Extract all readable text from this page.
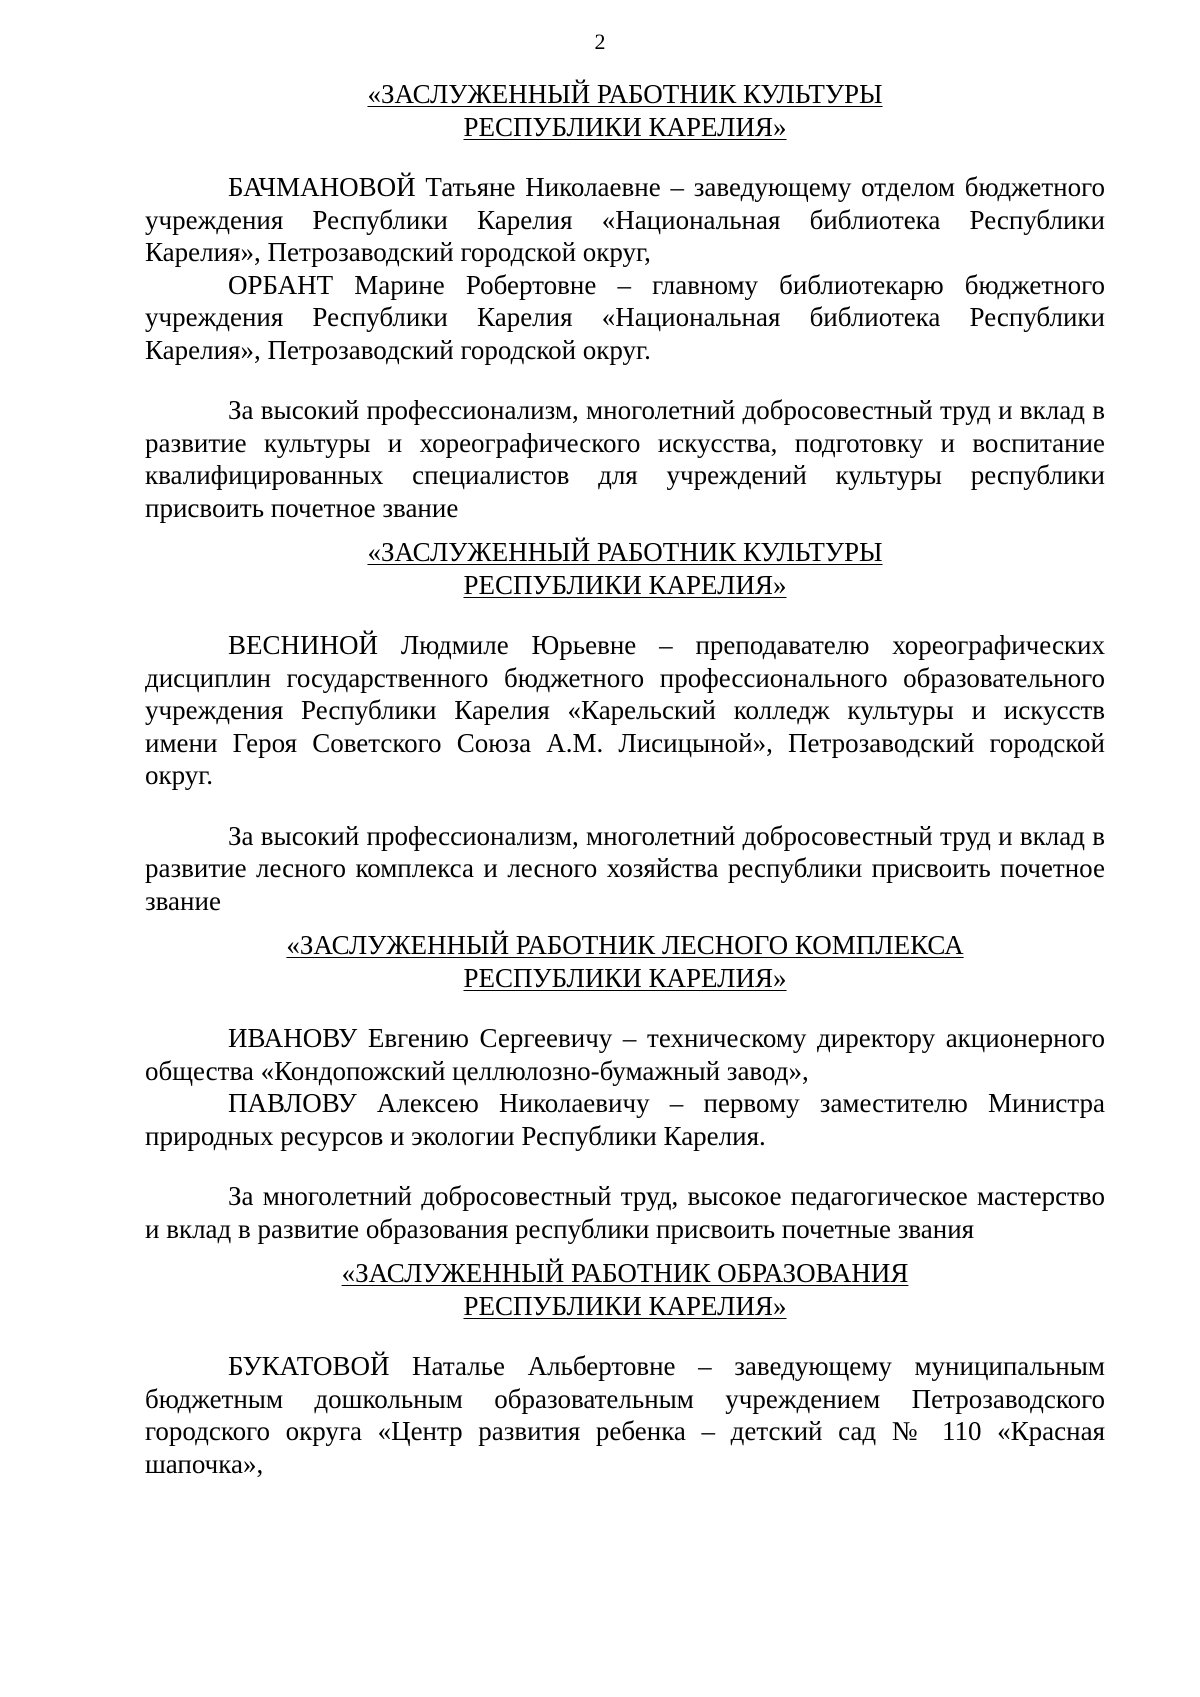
2
«ЗАСЛУЖЕННЫЙ РАБОТНИК КУЛЬТУРЫ
РЕСПУБЛИКИ КАРЕЛИЯ»

БАЧМАНОВОЙ Татьяне Николаевне – заведующему отделом бюджетного учреждения Республики Карелия «Национальная библиотека Республики Карелия», Петрозаводский городской округ,

ОРБАНТ Марине Робертовне – главному библиотекарю бюджетного учреждения Республики Карелия «Национальная библиотека Республики Карелия», Петрозаводский городской округ.

За высокий профессионализм, многолетний добросовестный труд и вклад в развитие культуры и хореографического искусства, подготовку и воспитание квалифицированных специалистов для учреждений культуры республики присвоить почетное звание

«ЗАСЛУЖЕННЫЙ РАБОТНИК КУЛЬТУРЫ
РЕСПУБЛИКИ КАРЕЛИЯ»

ВЕСНИНОЙ Людмиле Юрьевне – преподавателю хореографических дисциплин государственного бюджетного профессионального образовательного учреждения Республики Карелия «Карельский колледж культуры и искусств имени Героя Советского Союза А.М. Лисицыной», Петрозаводский городской округ.

За высокий профессионализм, многолетний добросовестный труд и вклад в развитие лесного комплекса и лесного хозяйства республики присвоить почетное звание

«ЗАСЛУЖЕННЫЙ РАБОТНИК ЛЕСНОГО КОМПЛЕКСА
РЕСПУБЛИКИ КАРЕЛИЯ»

ИВАНОВУ Евгению Сергеевичу – техническому директору акционерного общества «Кондопожский целлюлозно-бумажный завод»,

ПАВЛОВУ Алексею Николаевичу – первому заместителю Министра природных ресурсов и экологии Республики Карелия.

За многолетний добросовестный труд, высокое педагогическое мастерство и вклад в развитие образования республики присвоить почетные звания

«ЗАСЛУЖЕННЫЙ РАБОТНИК ОБРАЗОВАНИЯ
РЕСПУБЛИКИ КАРЕЛИЯ»

БУКАТОВОЙ Наталье Альбертовне – заведующему муниципальным бюджетным дошкольным образовательным учреждением Петрозаводского городского округа «Центр развития ребенка – детский сад № 110 «Красная шапочка»,
